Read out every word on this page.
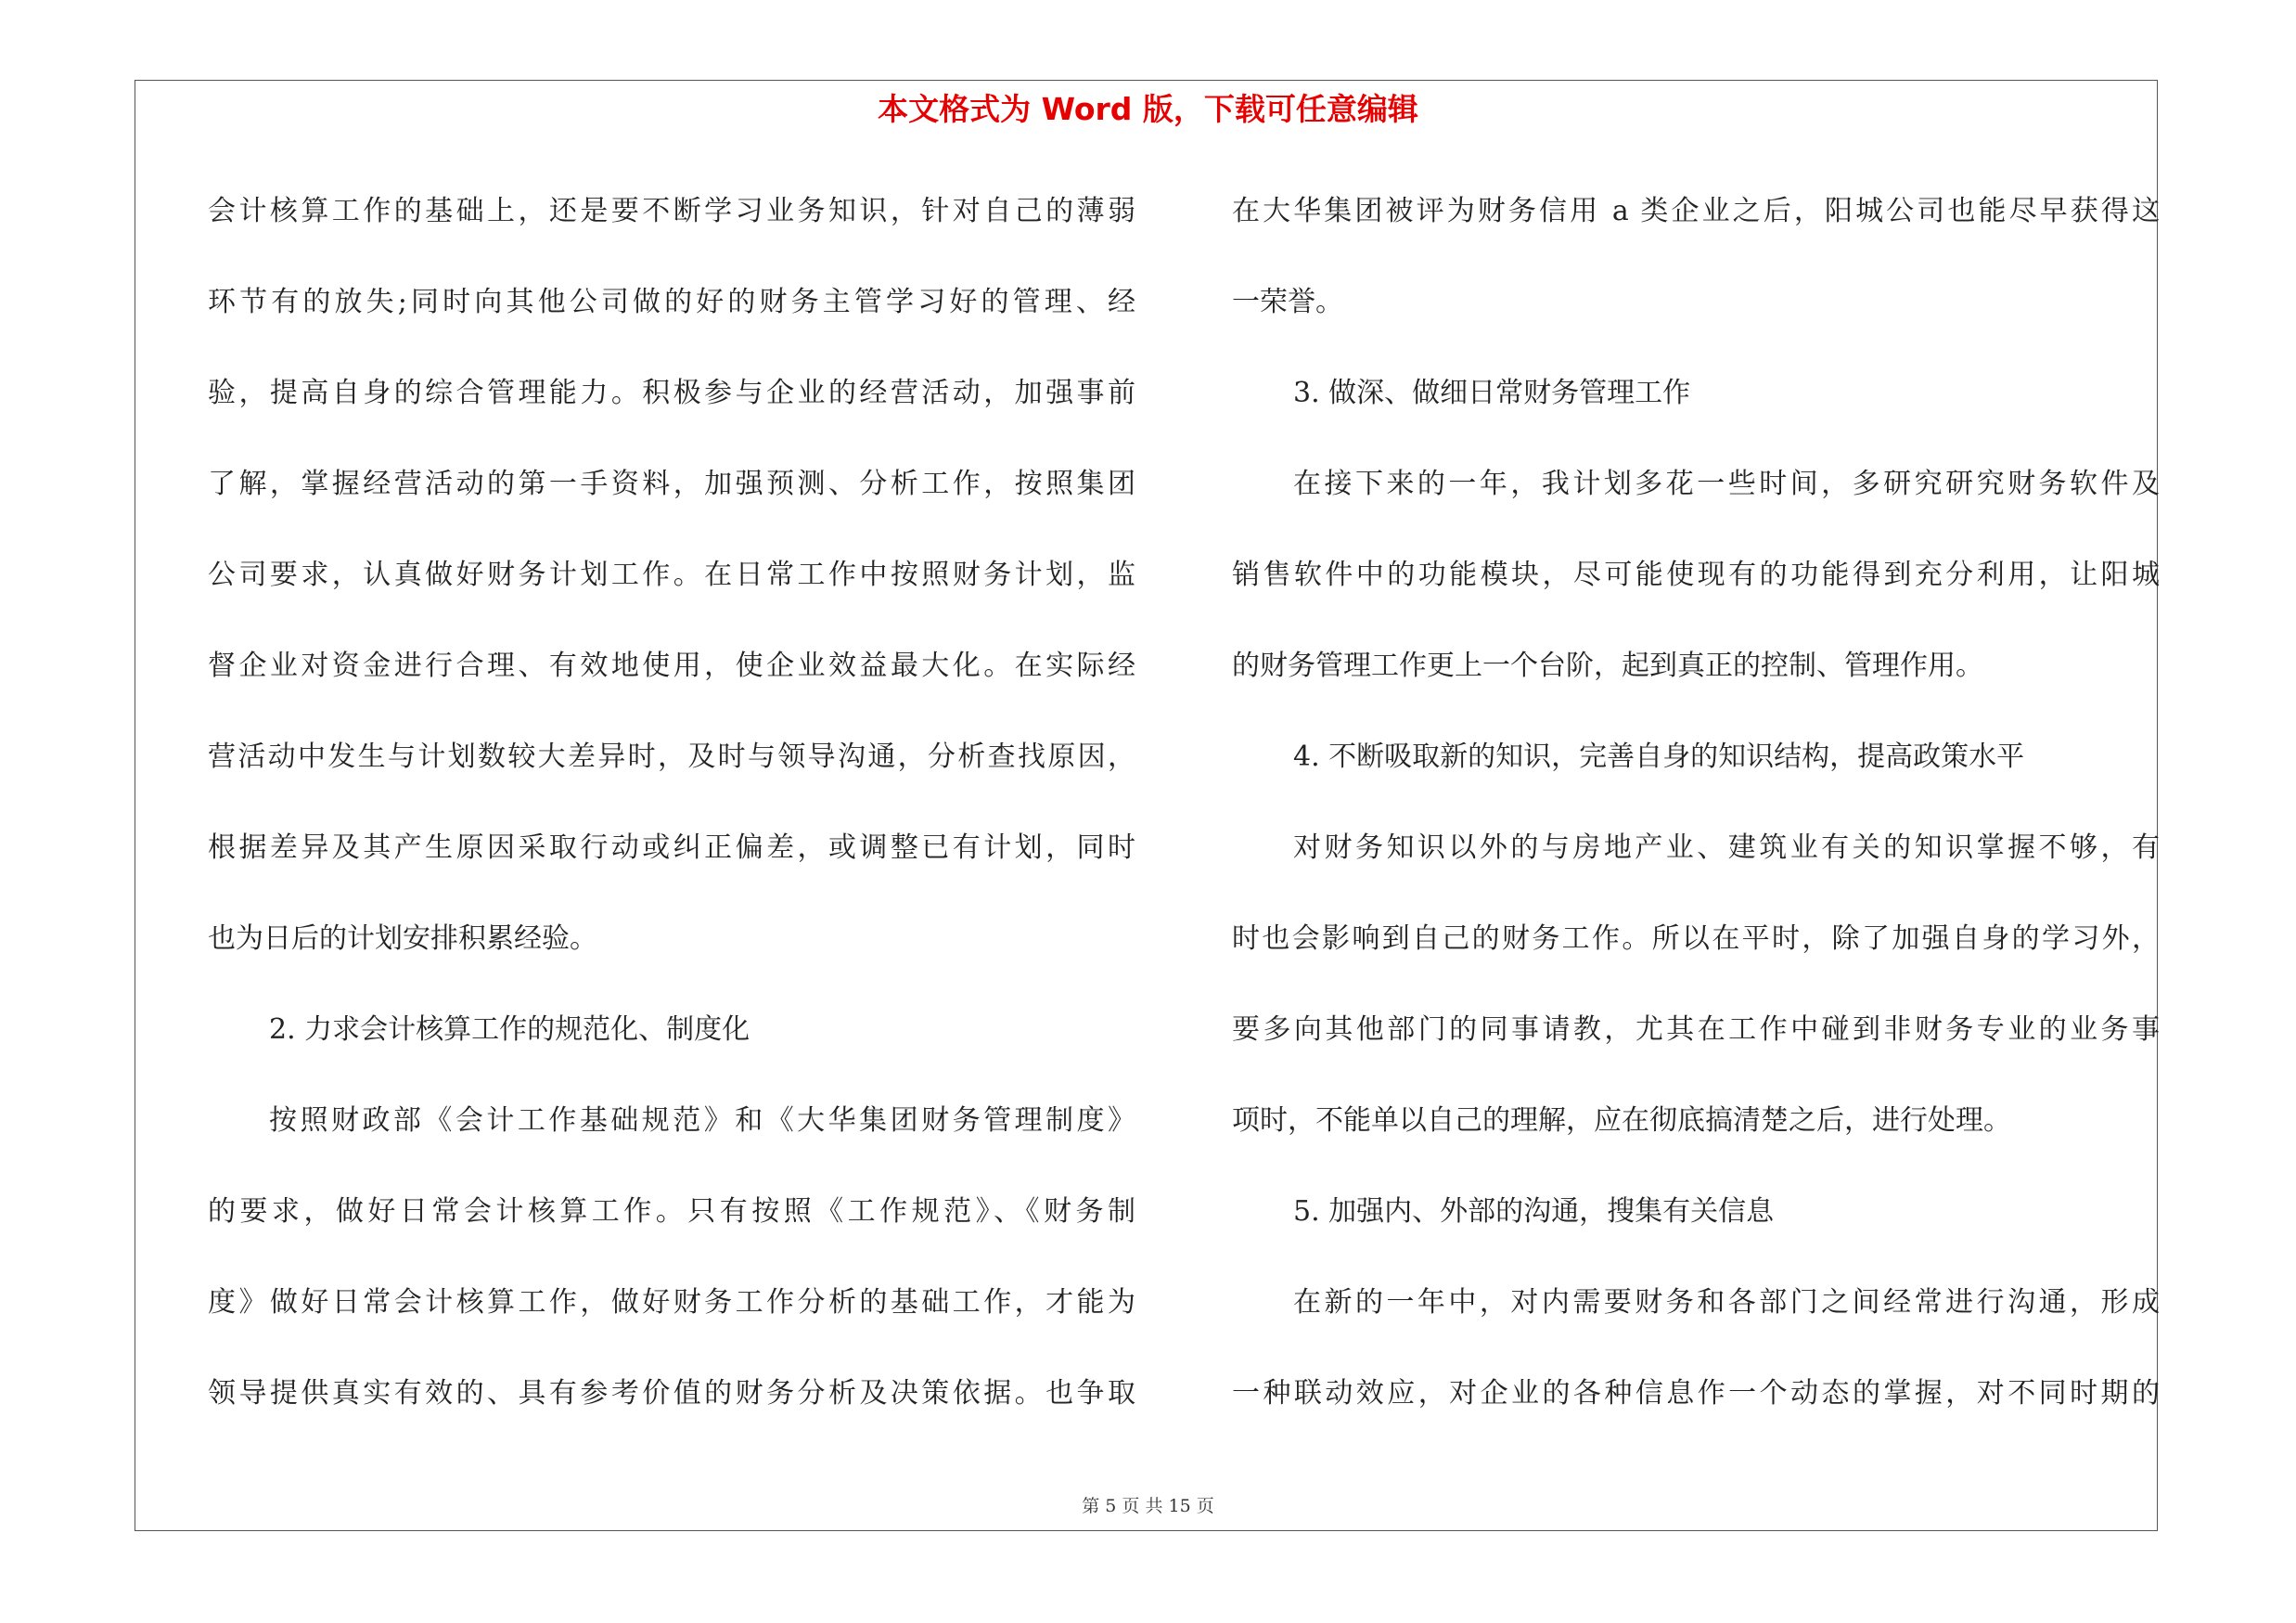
本文格式为 Word 版，下载可任意编辑
会计核算工作的基础上，还是要不断学习业务知识，针对自己的薄弱
环节有的放失;同时向其他公司做的好的财务主管学习好的管理、经
验，提高自身的综合管理能力。积极参与企业的经营活动，加强事前
了解，掌握经营活动的第一手资料，加强预测、分析工作，按照集团
公司要求，认真做好财务计划工作。在日常工作中按照财务计划，监
督企业对资金进行合理、有效地使用，使企业效益最大化。在实际经
营活动中发生与计划数较大差异时，及时与领导沟通，分析查找原因，
根据差异及其产生原因采取行动或纠正偏差，或调整已有计划，同时
也为日后的计划安排积累经验。
2. 力求会计核算工作的规范化、制度化
按照财政部《会计工作基础规范》和《大华集团财务管理制度》
的要求，做好日常会计核算工作。只有按照《工作规范》、《财务制
度》做好日常会计核算工作，做好财务工作分析的基础工作，才能为
领导提供真实有效的、具有参考价值的财务分析及决策依据。也争取
在大华集团被评为财务信用 a 类企业之后，阳城公司也能尽早获得这
一荣誉。
3. 做深、做细日常财务管理工作
在接下来的一年，我计划多花一些时间，多研究研究财务软件及
销售软件中的功能模块，尽可能使现有的功能得到充分利用，让阳城
的财务管理工作更上一个台阶，起到真正的控制、管理作用。
4. 不断吸取新的知识，完善自身的知识结构，提高政策水平
对财务知识以外的与房地产业、建筑业有关的知识掌握不够，有
时也会影响到自己的财务工作。所以在平时，除了加强自身的学习外，
要多向其他部门的同事请教，尤其在工作中碰到非财务专业的业务事
项时，不能单以自己的理解，应在彻底搞清楚之后，进行处理。
5. 加强内、外部的沟通，搜集有关信息
在新的一年中，对内需要财务和各部门之间经常进行沟通，形成
一种联动效应，对企业的各种信息作一个动态的掌握，对不同时期的
第 5 页 共 15 页
